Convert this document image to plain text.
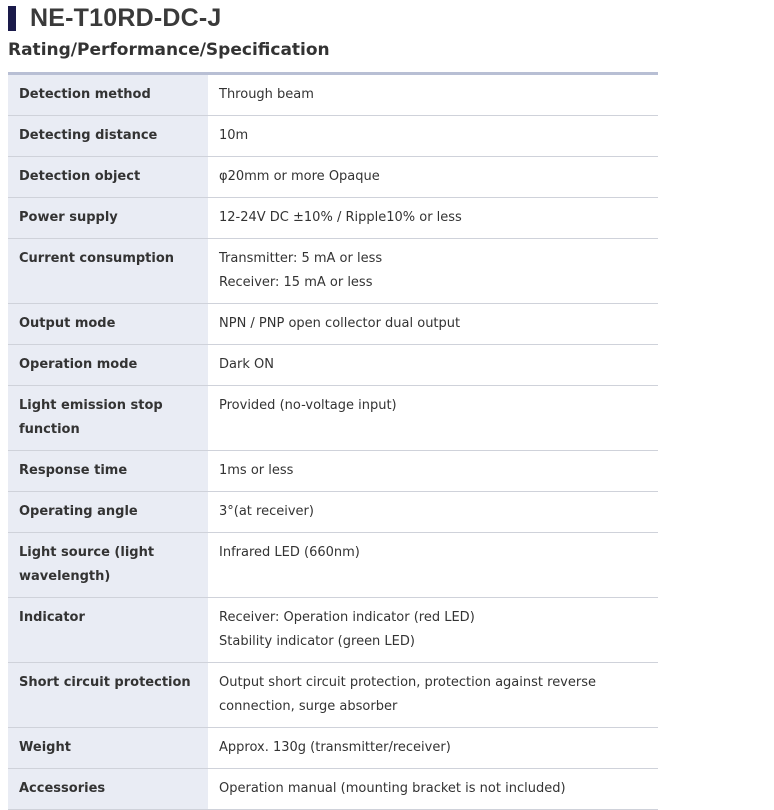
NE-T10RD-DC-J
Rating/Performance/Specification
Detection method	Through beam
Detecting distance	10m
Detection object	φ20mm or more Opaque
Power supply	12-24V DC ±10% / Ripple10% or less
Current consumption	Transmitter: 5 mA or less
Receiver: 15 mA or less
Output mode	NPN / PNP open collector dual output
Operation mode	Dark ON
Light emission stop
function	Provided (no-voltage input)
Response time	1ms or less
Operating angle	3°(at receiver)
Light source (light
wavelength)	Infrared LED (660nm)
Indicator	Receiver: Operation indicator (red LED)
Stability indicator (green LED)
Short circuit protection	Output short circuit protection, protection against reverse
connection, surge absorber
Weight	Approx. 130g (transmitter/receiver)
Accessories	Operation manual (mounting bracket is not included)
